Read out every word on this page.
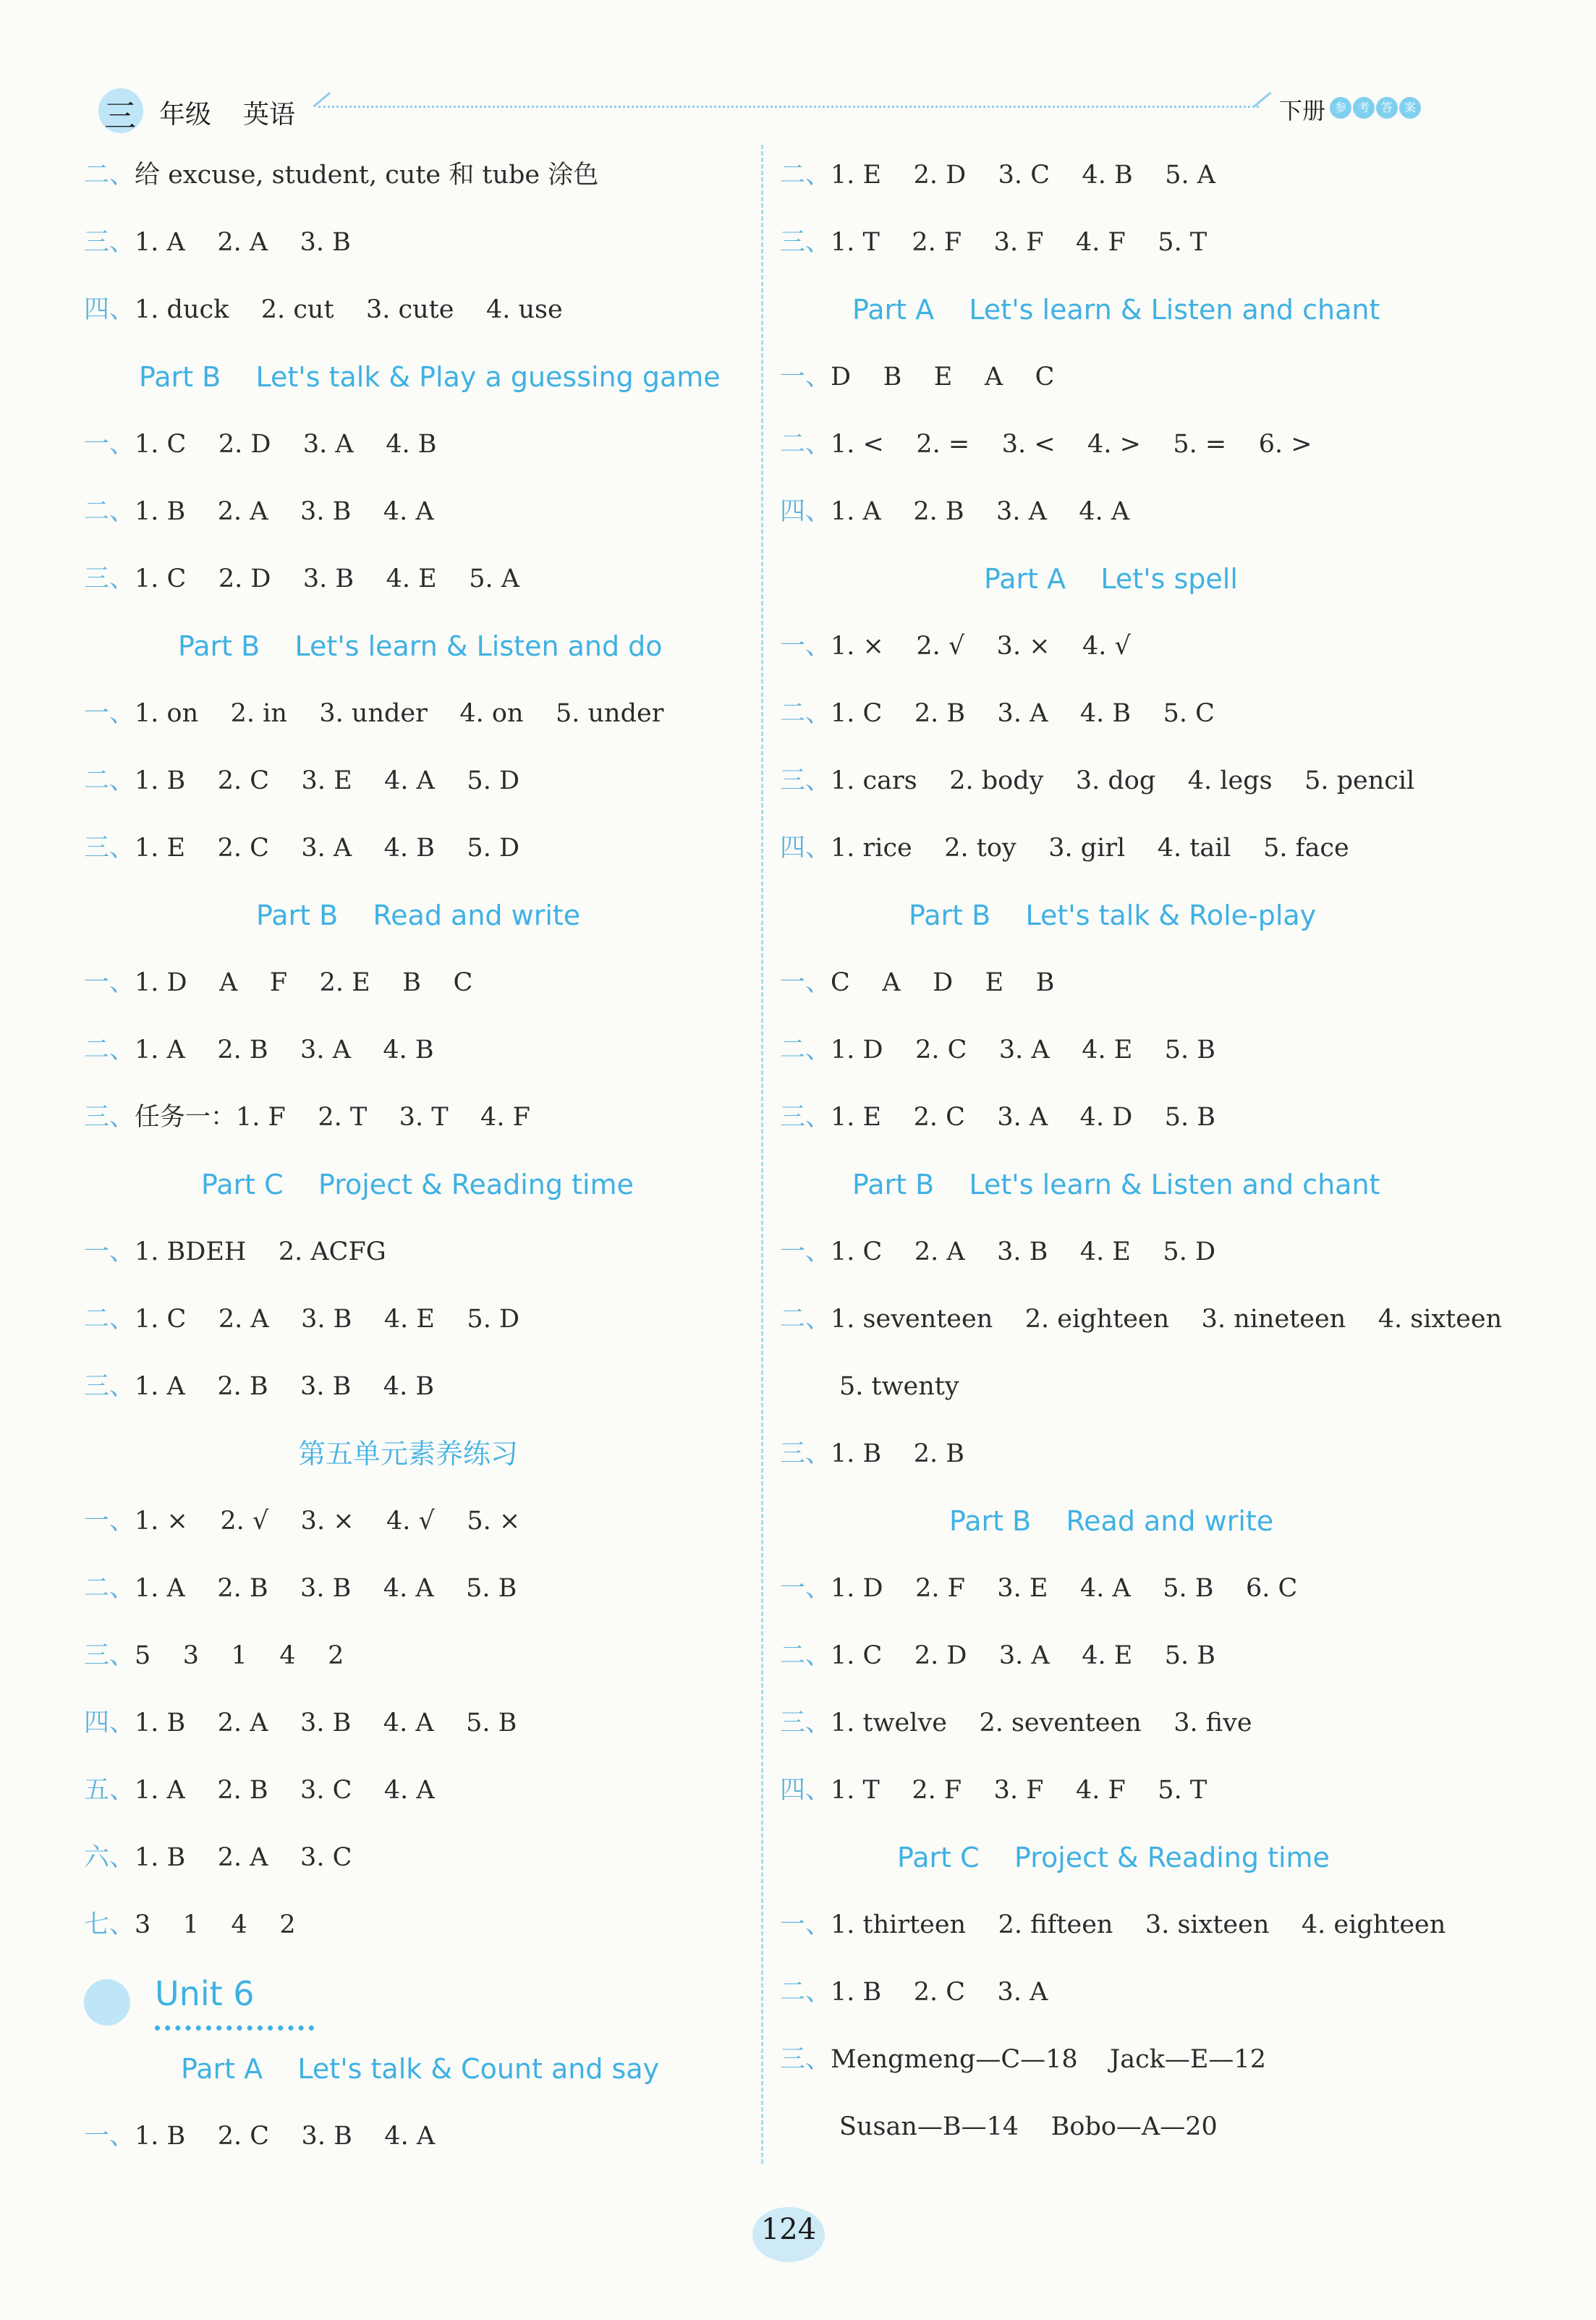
三 年级 英语	下册 参 考 答 案
二、给 excuse, student, cute 和 tube 涂色
三、1. A    2. A    3. B
四、1. duck    2. cut    3. cute    4. use
Part B    Let's talk & Play a guessing game
一、1. C    2. D    3. A    4. B
二、1. B    2. A    3. B    4. A
三、1. C    2. D    3. B    4. E    5. A
Part B    Let's learn & Listen and do
一、1. on    2. in    3. under    4. on    5. under
二、1. B    2. C    3. E    4. A    5. D
三、1. E    2. C    3. A    4. B    5. D
Part B    Read and write
一、1. D    A    F    2. E    B    C
二、1. A    2. B    3. A    4. B
三、任务一：1. F    2. T    3. T    4. F
Part C    Project & Reading time
一、1. BDEH    2. ACFG
二、1. C    2. A    3. B    4. E    5. D
三、1. A    2. B    3. B    4. B
第五单元素养练习
一、1. ×    2. √    3. ×    4. √    5. ×
二、1. A    2. B    3. B    4. A    5. B
三、5    3    1    4    2
四、1. B    2. A    3. B    4. A    5. B
五、1. A    2. B    3. C    4. A
六、1. B    2. A    3. C
七、3    1    4    2
Unit 6
Part A    Let's talk & Count and say
一、1. B    2. C    3. B    4. A
二、1. E    2. D    3. C    4. B    5. A
三、1. T    2. F    3. F    4. F    5. T
Part A    Let's learn & Listen and chant
一、D    B    E    A    C
二、1. <    2. =    3. <    4. >    5. =    6. >
四、1. A    2. B    3. A    4. A
Part A    Let's spell
一、1. ×    2. √    3. ×    4. √
二、1. C    2. B    3. A    4. B    5. C
三、1. cars    2. body    3. dog    4. legs    5. pencil
四、1. rice    2. toy    3. girl    4. tail    5. face
Part B    Let's talk & Role-play
一、C    A    D    E    B
二、1. D    2. C    3. A    4. E    5. B
三、1. E    2. C    3. A    4. D    5. B
Part B    Let's learn & Listen and chant
一、1. C    2. A    3. B    4. E    5. D
二、1. seventeen    2. eighteen    3. nineteen    4. sixteen
5. twenty
三、1. B    2. B
Part B    Read and write
一、1. D    2. F    3. E    4. A    5. B    6. C
二、1. C    2. D    3. A    4. E    5. B
三、1. twelve    2. seventeen    3. five
四、1. T    2. F    3. F    4. F    5. T
Part C    Project & Reading time
一、1. thirteen    2. fifteen    3. sixteen    4. eighteen
二、1. B    2. C    3. A
三、Mengmeng—C—18    Jack—E—12
Susan—B—14    Bobo—A—20
124
